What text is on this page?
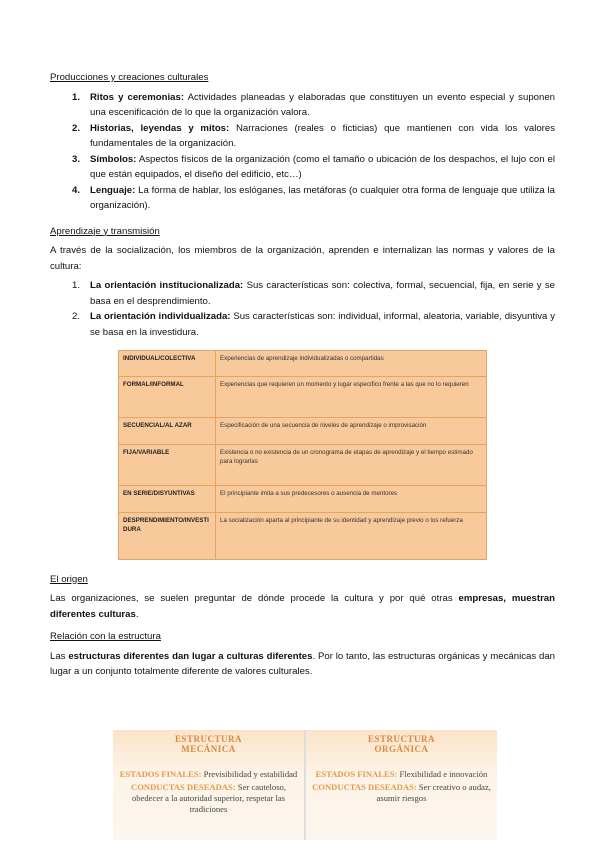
Producciones y creaciones culturales
1.	Ritos y ceremonias: Actividades planeadas y elaboradas que constituyen un evento especial y suponen una escenificación de lo que la organización valora.
2.	Historias, leyendas y mitos: Narraciones (reales o ficticias) que mantienen con vida los valores fundamentales de la organización.
3.	Símbolos: Aspectos físicos de la organización (como el tamaño o ubicación de los despachos, el lujo con el que están equipados, el diseño del edificio, etc…)
4.	Lenguaje: La forma de hablar, los eslóganes, las metáforas (o cualquier otra forma de lenguaje que utiliza la organización).
Aprendizaje y transmisión

A través de la socialización, los miembros de la organización, aprenden e internalizan las normas y valores de la cultura:

1.	La orientación institucionalizada: Sus características son: colectiva, formal, secuencial, fija, en serie y se basa en el desprendimiento.
2.	La orientación individualizada: Sus características son: individual, informal, aleatoria, variable, disyuntiva y se basa en la investidura.
INDIVIDUAL/COLECTIVA	Experiencias de aprendizaje individualizadas o compartidas
FORMAL/INFORMAL	Experiencias que requieren un momento y lugar específico frente a las que no lo requieren
SECUENCIAL/AL AZAR	Especificación de una secuencia de niveles de aprendizaje o improvisación
FIJA/VARIABLE	Existencia o no existencia de un cronograma de etapas de aprendizaje y el tiempo estimado para lograrlas
EN SERIE/DISYUNTIVAS	El principiante imita a sus predecesores o ausencia de mentores
DESPRENDIMIENTO/INVESTIDURA	La socialización aparta al principiante de su identidad y aprendizaje previo o los refuerza
El origen

Las organizaciones, se suelen preguntar de dónde procede la cultura y por qué otras empresas, muestran diferentes culturas.

Relación con la estructura

Las estructuras diferentes dan lugar a culturas diferentes. Por lo tanto, las estructuras orgánicas y mecánicas dan lugar a un conjunto totalmente diferente de valores culturales.

ESTRUCTURA
MECÁNICA
ESTADOS FINALES: Previsibilidad y estabilidad
CONDUCTAS DESEADAS: Ser cauteloso, obedecer a la autoridad superior, respetar las tradiciones
ESTRUCTURA
ORGÁNICA
ESTADOS FINALES: Flexibilidad e innovación
CONDUCTAS DESEADAS: Ser creativo o audaz, asumir riesgos
